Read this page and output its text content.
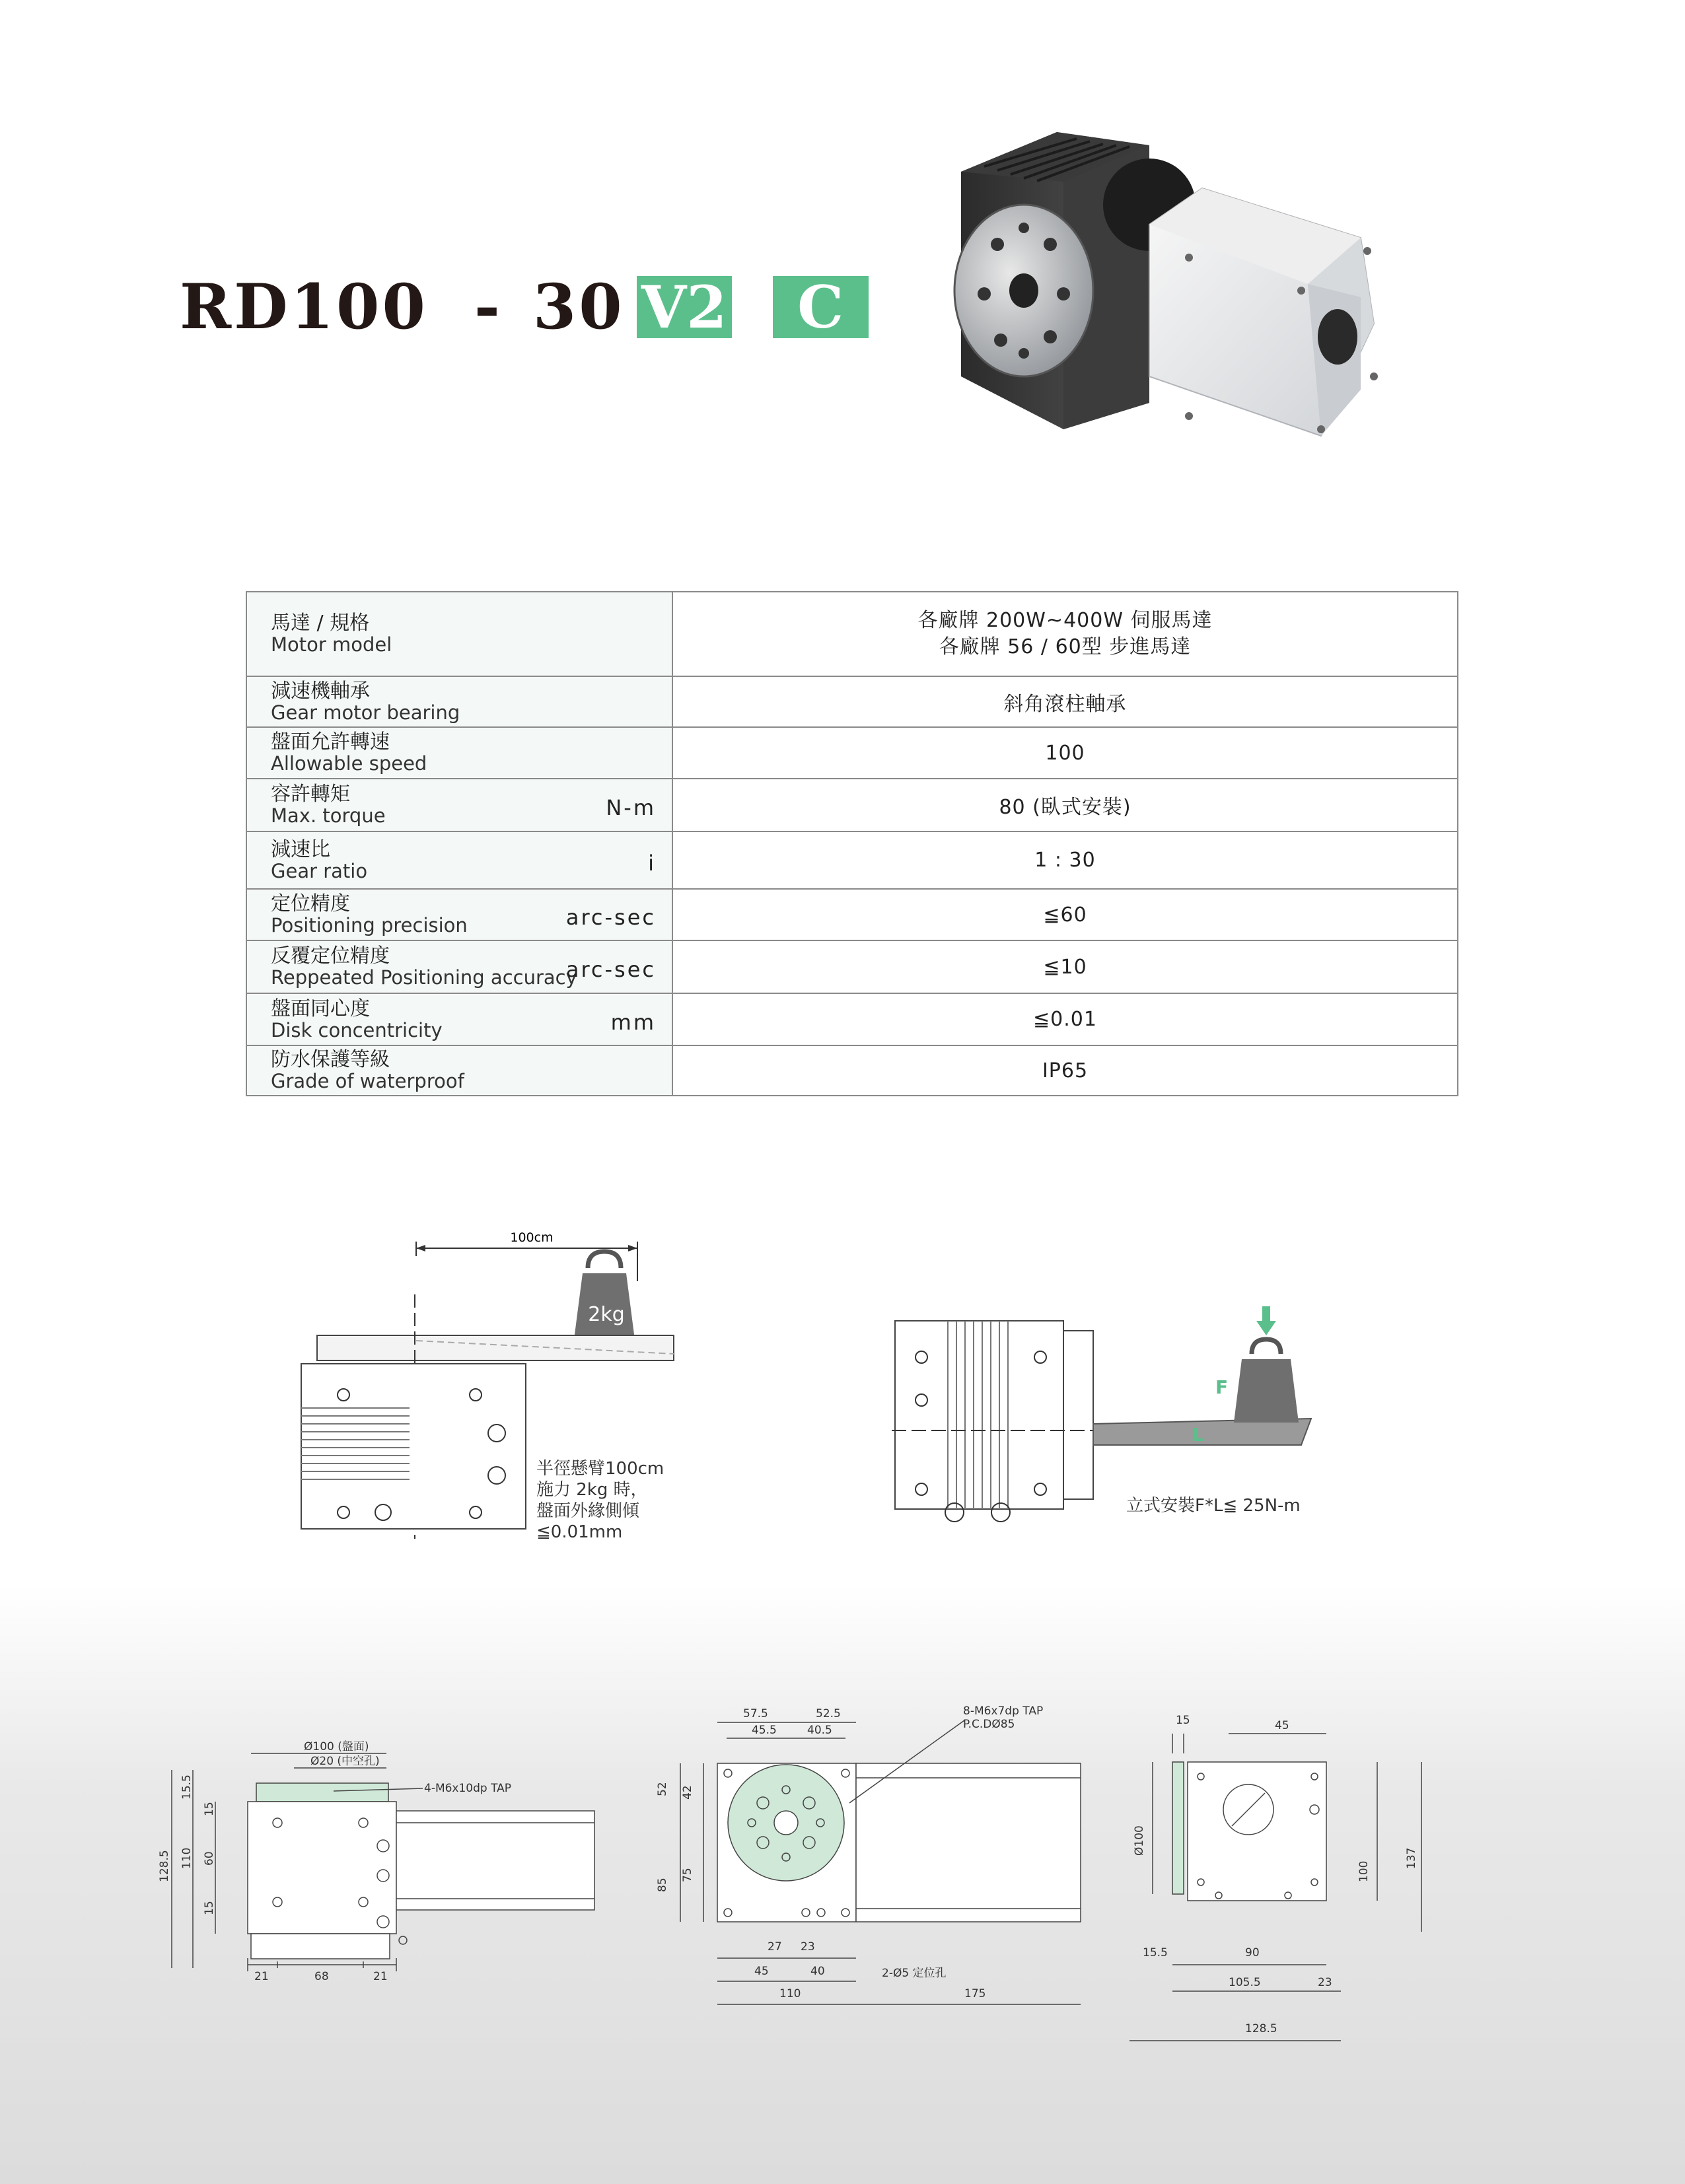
RD100 - 30 V2	C
馬達 / 規格
Motor model	各廠牌 200W~400W 伺服馬達
各廠牌 56 / 60型 步進馬達

減速機軸承
Gear motor bearing	斜角滾柱軸承

盤面允許轉速
Allowable speed	100

容許轉矩
Max. torque N-m	80 (臥式安裝)

減速比
Gear ratio i	1 : 30

定位精度
Positioning precision arc-sec	≦60

反覆定位精度
Reppeated Positioning accuracy
arc-sec	≦10

盤面同心度
Disk concentricity mm	≦0.01

防水保護等級
Grade of waterproof	IP65
100cm
2kg
半徑懸臂100cm
施力 2kg 時，
盤面外緣側傾
≦0.01mm
F
L
立式安裝F*L≦ 25N-m
Ø100 (盤面)
Ø20 (中空孔)
4-M6x10dp TAP
15.5
15
128.5 110 60
15
21	68	21
57.5	52.5
45.5	40.5
8-M6x7dp TAP
P.C.DØ85
52 42
75
85
27 23
45	40	2-Ø5 定位孔
110	175
15	45
Ø100
100
137
15.5	90
105.5	23
128.5
